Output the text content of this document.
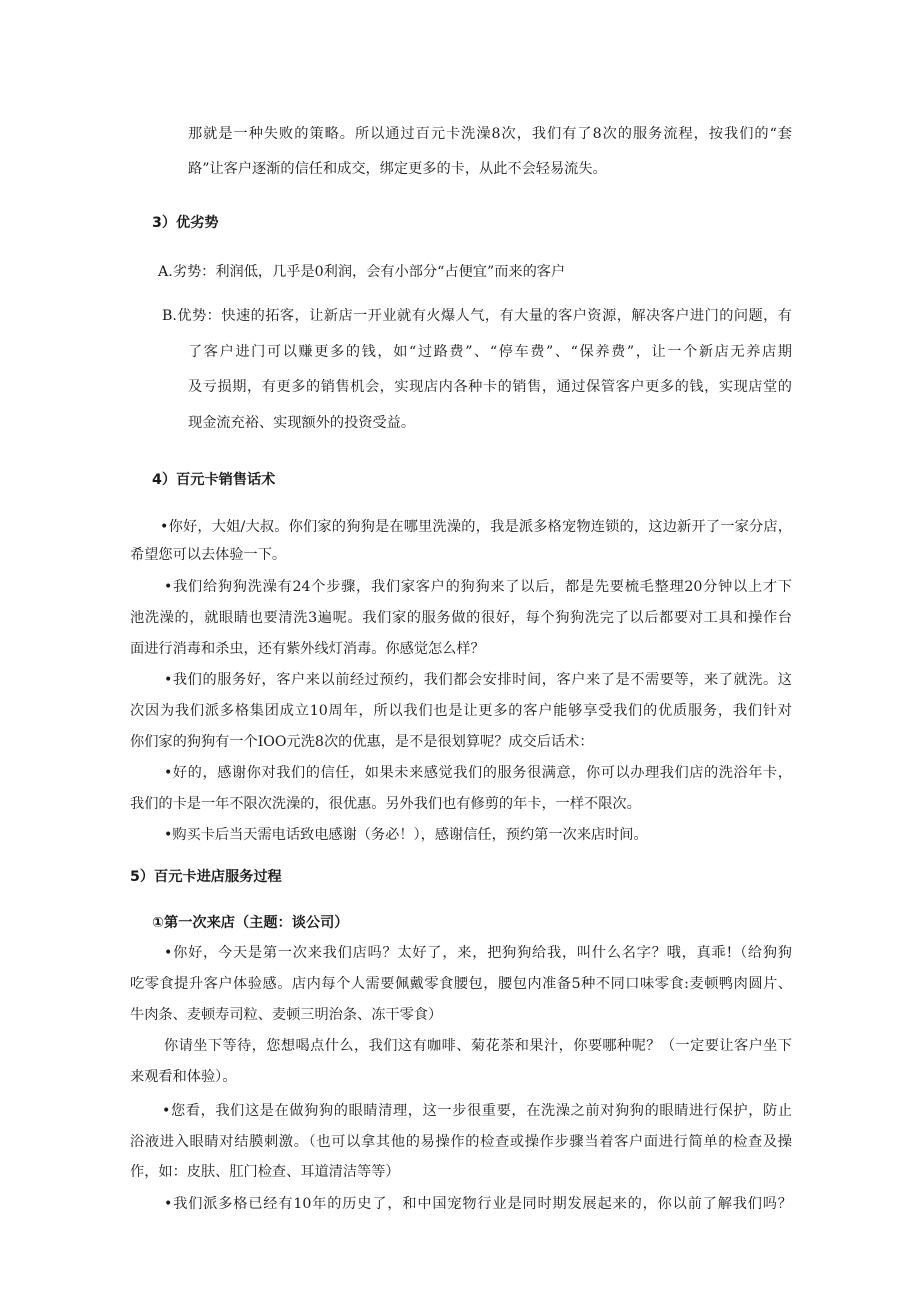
那就是一种失败的策略。所以通过百元卡洗澡8次，我们有了8次的服务流程，按我们的“套
路”让客户逐渐的信任和成交，绑定更多的卡，从此不会轻易流失。
3）优劣势
A.劣势：利润低，几乎是0利润，会有小部分“占便宜”而来的客户
B.优势：快速的拓客，让新店一开业就有火爆人气，有大量的客户资源，解决客户进门的问题，有
了客户进门可以赚更多的钱，如“过路费”、“停车费”、“保养费”，让一个新店无养店期
及亏损期，有更多的销售机会，实现店内各种卡的销售，通过保管客户更多的钱，实现店堂的
现金流充裕、实现额外的投资受益。
4）百元卡销售话术
•你好，大姐/大叔。你们家的狗狗是在哪里洗澡的，我是派多格宠物连锁的，这边新开了一家分店，
希望您可以去体验一下。
•我们给狗狗洗澡有24个步骤，我们家客户的狗狗来了以后，都是先要梳毛整理20分钟以上才下
池洗澡的，就眼睛也要清洗3遍呢。我们家的服务做的很好，每个狗狗洗完了以后都要对工具和操作台
面进行消毒和杀虫，还有紫外线灯消毒。你感觉怎么样？
•我们的服务好，客户来以前经过预约，我们都会安排时间，客户来了是不需要等，来了就洗。这
次因为我们派多格集团成立10周年，所以我们也是让更多的客户能够享受我们的优质服务，我们针对
你们家的狗狗有一个IOO元洗8次的优惠，是不是很划算呢？成交后话术：
•好的，感谢你对我们的信任，如果未来感觉我们的服务很满意，你可以办理我们店的洗浴年卡，
我们的卡是一年不限次洗澡的，很优惠。另外我们也有修剪的年卡，一样不限次。
•购买卡后当天需电话致电感谢（务必！），感谢信任，预约第一次来店时间。
5）百元卡进店服务过程
①第一次来店（主题：谈公司）
•你好，今天是第一次来我们店吗？太好了，来，把狗狗给我，叫什么名字？哦，真乖!（给狗狗
吃零食提升客户体验感。店内每个人需要佩戴零食腰包，腰包内准备5种不同口味零食:麦顿鸭肉圆片、
牛肉条、麦顿寿司粒、麦顿三明治条、冻干零食）
你请坐下等待，您想喝点什么，我们这有咖啡、菊花茶和果汁，你要哪种呢？（一定要让客户坐下
来观看和体验）。
•您看，我们这是在做狗狗的眼睛清理，这一步很重要，在洗澡之前对狗狗的眼睛进行保护，防止
浴液进入眼睛对结膜刺激。（也可以拿其他的易操作的检查或操作步骤当着客户面进行简单的检查及操
作，如：皮肤、肛门检查、耳道清洁等等）
•我们派多格已经有10年的历史了，和中国宠物行业是同时期发展起来的，你以前了解我们吗？
